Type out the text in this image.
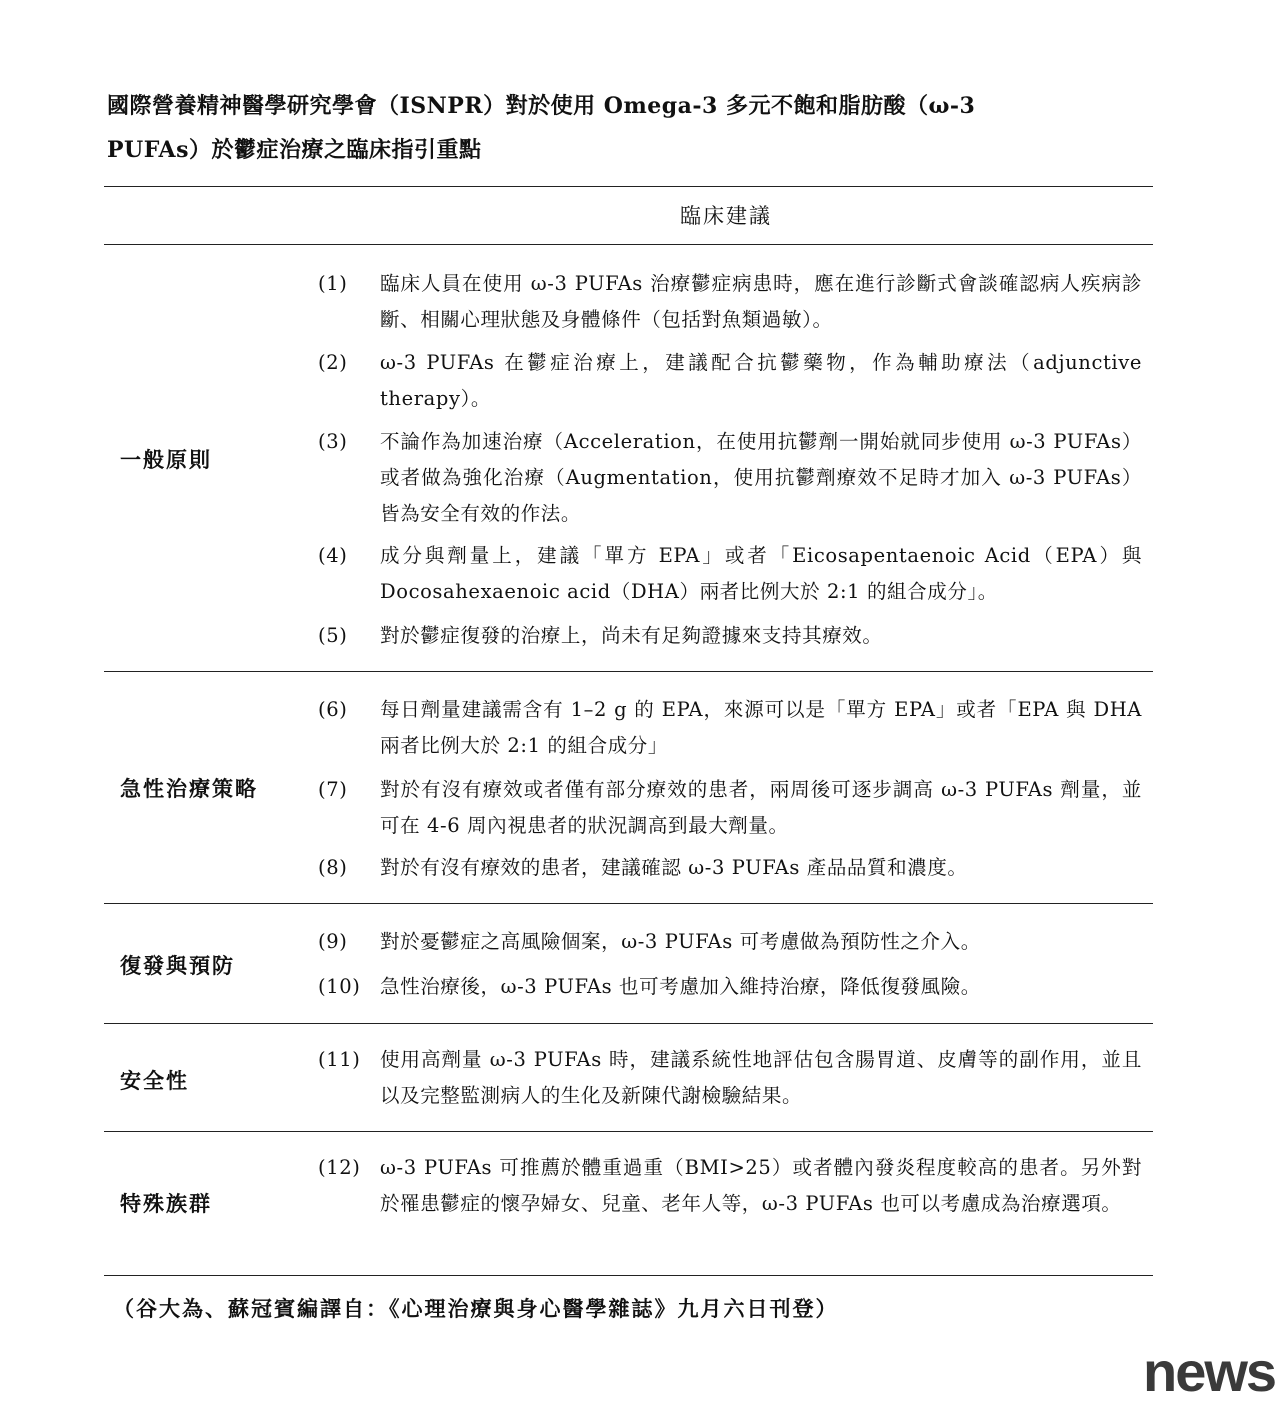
國際營養精神醫學研究學會（ISNPR）對於使用 Omega-3 多元不飽和脂肪酸（ω-3
PUFAs）於鬱症治療之臨床指引重點
臨床建議
一般原則
(1)	臨床人員在使用 ω-3 PUFAs 治療鬱症病患時，應在進行診斷式會談確認病人疾病診斷、相關心理狀態及身體條件（包括對魚類過敏）。
(2)	ω-3 PUFAs 在鬱症治療上，建議配合抗鬱藥物，作為輔助療法（adjunctive therapy）。
(3)	不論作為加速治療（Acceleration，在使用抗鬱劑一開始就同步使用 ω-3 PUFAs）或者做為強化治療（Augmentation，使用抗鬱劑療效不足時才加入 ω-3 PUFAs）皆為安全有效的作法。
(4)	成分與劑量上，建議「單方 EPA」或者「Eicosapentaenoic Acid（EPA）與 Docosahexaenoic acid（DHA）兩者比例大於 2:1 的組合成分」。
(5)	對於鬱症復發的治療上，尚未有足夠證據來支持其療效。
急性治療策略
(6)	每日劑量建議需含有 1–2 g 的 EPA，來源可以是「單方 EPA」或者「EPA 與 DHA 兩者比例大於 2:1 的組合成分」
(7)	對於有沒有療效或者僅有部分療效的患者，兩周後可逐步調高 ω-3 PUFAs 劑量，並可在 4-6 周內視患者的狀況調高到最大劑量。
(8)	對於有沒有療效的患者，建議確認 ω-3 PUFAs 產品品質和濃度。
復發與預防
(9)	對於憂鬱症之高風險個案，ω-3 PUFAs 可考慮做為預防性之介入。
(10)	急性治療後，ω-3 PUFAs 也可考慮加入維持治療，降低復發風險。
安全性
(11)	使用高劑量 ω-3 PUFAs 時，建議系統性地評估包含腸胃道、皮膚等的副作用，並且以及完整監測病人的生化及新陳代謝檢驗結果。
特殊族群
(12)	ω-3 PUFAs 可推薦於體重過重（BMI>25）或者體內發炎程度較高的患者。另外對於罹患鬱症的懷孕婦女、兒童、老年人等，ω-3 PUFAs 也可以考慮成為治療選項。
（谷大為、蘇冠賓編譯自：《心理治療與身心醫學雜誌》九月六日刊登）
news
